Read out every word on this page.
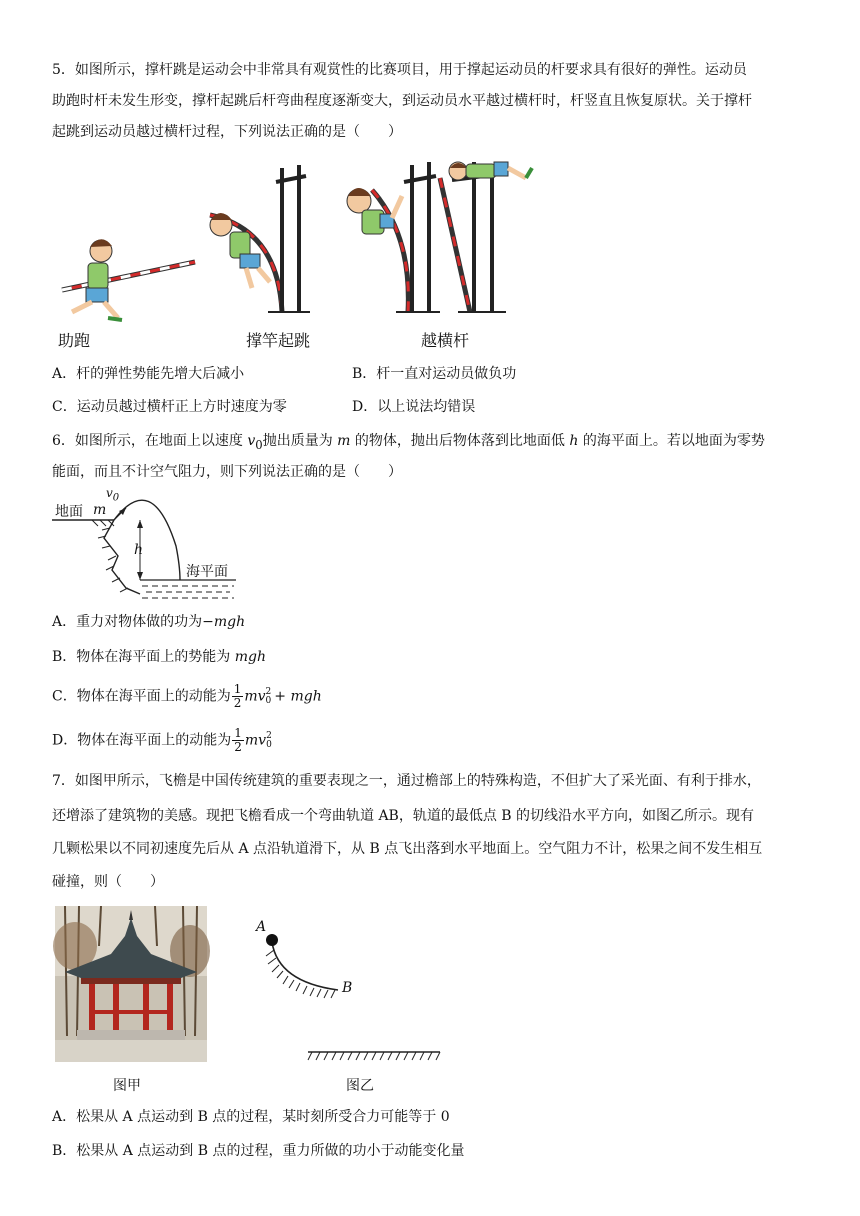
5．如图所示，撑杆跳是运动会中非常具有观赏性的比赛项目，用于撑起运动员的杆要求具有很好的弹性。运动员
助跑时杆未发生形变，撑杆起跳后杆弯曲程度逐渐变大，到运动员水平越过横杆时，杆竖直且恢复原状。关于撑杆
起跳到运动员越过横杆过程，下列说法正确的是（　　）
助跑	撑竿起跳	越横杆
A．杆的弹性势能先增大后减小	B．杆一直对运动员做负功
C．运动员越过横杆正上方时速度为零	D．以上说法均错误
6．如图所示，在地面上以速度 $v_0$抛出质量为 m 的物体，抛出后物体落到比地面低 h 的海平面上。若以地面为零势
能面，而且不计空气阻力，则下列说法正确的是（　　）
地面 m
$v_0$
h
海平面
A．重力对物体做的功为−mgh
B．物体在海平面上的势能为 mgh
C．物体在海平面上的动能为 $\frac{1}{2}$ mv 2
0 + mgh
D．物体在海平面上的动能为 $\frac{1}{2}$ mv 2
0
7．如图甲所示，飞檐是中国传统建筑的重要表现之一，通过檐部上的特殊构造，不但扩大了采光面、有利于排水，
还增添了建筑物的美感。现把飞檐看成一个弯曲轨道 AB，轨道的最低点 B 的切线沿水平方向，如图乙所示。现有
几颗松果以不同初速度先后从 A 点沿轨道滑下，从 B 点飞出落到水平地面上。空气阻力不计，松果之间不发生相互
碰撞，则（　　）
A
B
图甲	图乙
A．松果从 A 点运动到 B 点的过程，某时刻所受合力可能等于 0
B．松果从 A 点运动到 B 点的过程，重力所做的功小于动能变化量
